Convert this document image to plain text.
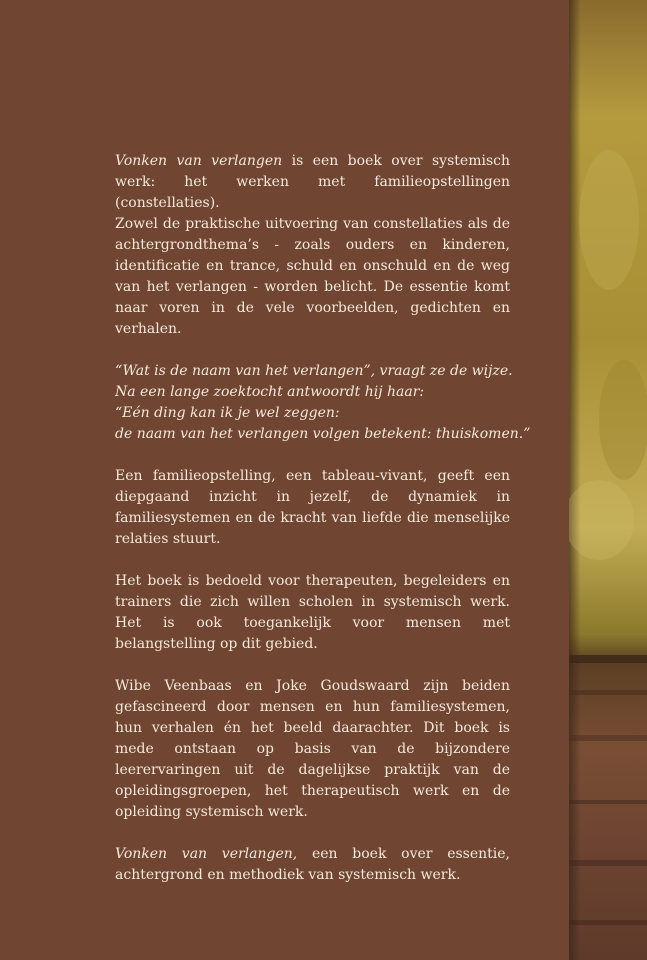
Vonken van verlangen is een boek over systemisch werk: het werken met familieopstellingen (constellaties).

Zowel de praktische uitvoering van constellaties als de achtergrondthema’s - zoals ouders en kinderen, identificatie en trance, schuld en onschuld en de weg van het verlangen - worden belicht. De essentie komt naar voren in de vele voorbeelden, gedichten en verhalen.

“Wat is de naam van het verlangen”, vraagt ze de wijze.
Na een lange zoektocht antwoordt hij haar:
“Eén ding kan ik je wel zeggen:
de naam van het verlangen volgen betekent: thuiskomen.”

Een familieopstelling, een tableau-vivant, geeft een diepgaand inzicht in jezelf, de dynamiek in familiesystemen en de kracht van liefde die menselijke relaties stuurt.

Het boek is bedoeld voor therapeuten, begeleiders en trainers die zich willen scholen in systemisch werk. Het is ook toegankelijk voor mensen met belangstelling op dit gebied.

Wibe Veenbaas en Joke Goudswaard zijn beiden gefascineerd door mensen en hun familiesystemen, hun verhalen én het beeld daarachter. Dit boek is mede ontstaan op basis van de bijzondere leerervaringen uit de dagelijkse praktijk van de opleidingsgroepen, het therapeutisch werk en de opleiding systemisch werk.

Vonken van verlangen, een boek over essentie, achtergrond en methodiek van systemisch werk.
